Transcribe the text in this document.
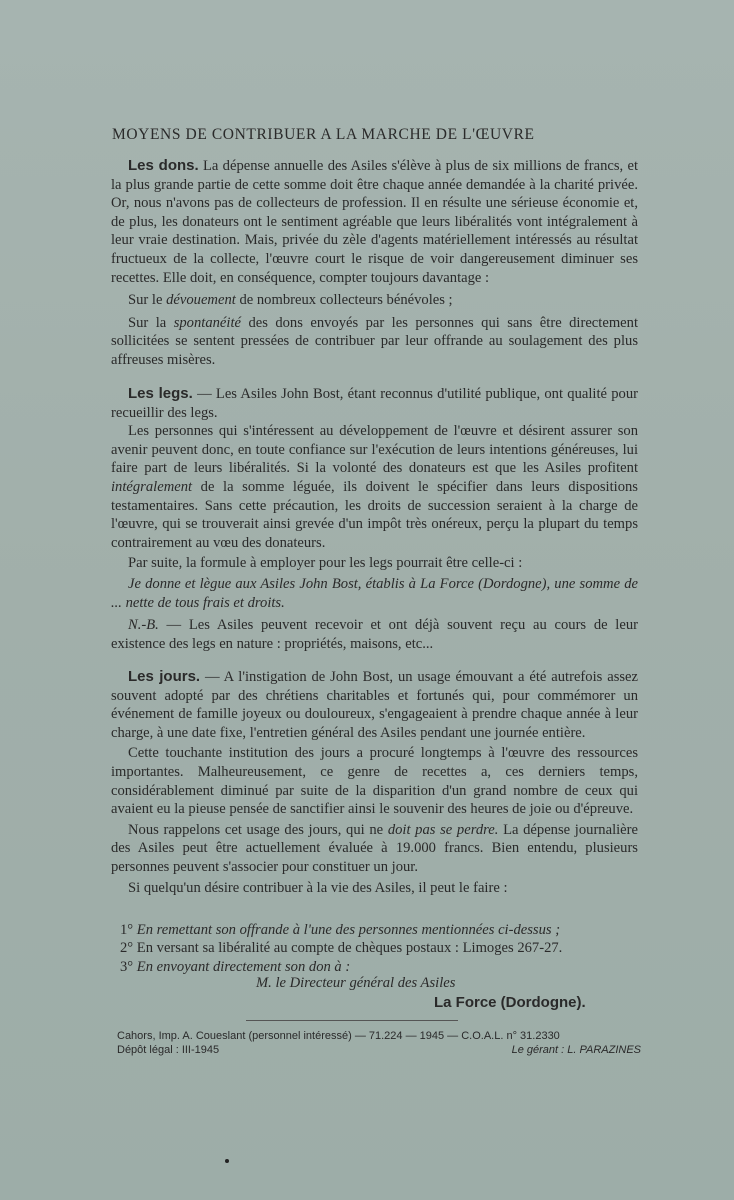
MOYENS DE CONTRIBUER A LA MARCHE DE L'ŒUVRE

Les dons. La dépense annuelle des Asiles s'élève à plus de six millions de francs, et la plus grande partie de cette somme doit être chaque année demandée à la charité privée. Or, nous n'avons pas de collecteurs de profession. Il en résulte une sérieuse économie et, de plus, les donateurs ont le sentiment agréable que leurs libéralités vont intégralement à leur vraie destination. Mais, privée du zèle d'agents matériellement intéressés au résultat fructueux de la collecte, l'œuvre court le risque de voir dangereusement diminuer ses recettes. Elle doit, en conséquence, compter toujours davantage :

Sur le dévouement de nombreux collecteurs bénévoles ;

Sur la spontanéité des dons envoyés par les personnes qui sans être directement sollicitées se sentent pressées de contribuer par leur offrande au soulagement des plus affreuses misères.

Les legs. — Les Asiles John Bost, étant reconnus d'utilité publique, ont qualité pour recueillir des legs.

Les personnes qui s'intéressent au développement de l'œuvre et désirent assurer son avenir peuvent donc, en toute confiance sur l'exécution de leurs intentions généreuses, lui faire part de leurs libéralités. Si la volonté des donateurs est que les Asiles profitent intégralement de la somme léguée, ils doivent le spécifier dans leurs dispositions testamentaires. Sans cette précaution, les droits de succession seraient à la charge de l'œuvre, qui se trouverait ainsi grevée d'un impôt très onéreux, perçu la plupart du temps contrairement au vœu des donateurs.

Par suite, la formule à employer pour les legs pourrait être celle-ci :

Je donne et lègue aux Asiles John Bost, établis à La Force (Dordogne), une somme de ... nette de tous frais et droits.

N.-B. — Les Asiles peuvent recevoir et ont déjà souvent reçu au cours de leur existence des legs en nature : propriétés, maisons, etc...

Les jours. — A l'instigation de John Bost, un usage émouvant a été autrefois assez souvent adopté par des chrétiens charitables et fortunés qui, pour commémorer un événement de famille joyeux ou douloureux, s'engageaient à prendre chaque année à leur charge, à une date fixe, l'entretien général des Asiles pendant une journée entière.

Cette touchante institution des jours a procuré longtemps à l'œuvre des ressources importantes. Malheureusement, ce genre de recettes a, ces derniers temps, considérablement diminué par suite de la disparition d'un grand nombre de ceux qui avaient eu la pieuse pensée de sanctifier ainsi le souvenir des heures de joie ou d'épreuve.

Nous rappelons cet usage des jours, qui ne doit pas se perdre. La dépense journalière des Asiles peut être actuellement évaluée à 19.000 francs. Bien entendu, plusieurs personnes peuvent s'associer pour constituer un jour.

Si quelqu'un désire contribuer à la vie des Asiles, il peut le faire :

1° En remettant son offrande à l'une des personnes mentionnées ci-dessus ;
2° En versant sa libéralité au compte de chèques postaux : Limoges 267-27.
3° En envoyant directement son don à :
M. le Directeur général des Asiles
La Force (Dordogne).
Cahors, Imp. A. Coueslant (personnel intéressé) — 71.224 — 1945 — C.O.A.L. n° 31.2330
Dépôt légal : III-1945	Le gérant : L. PARAZINES
